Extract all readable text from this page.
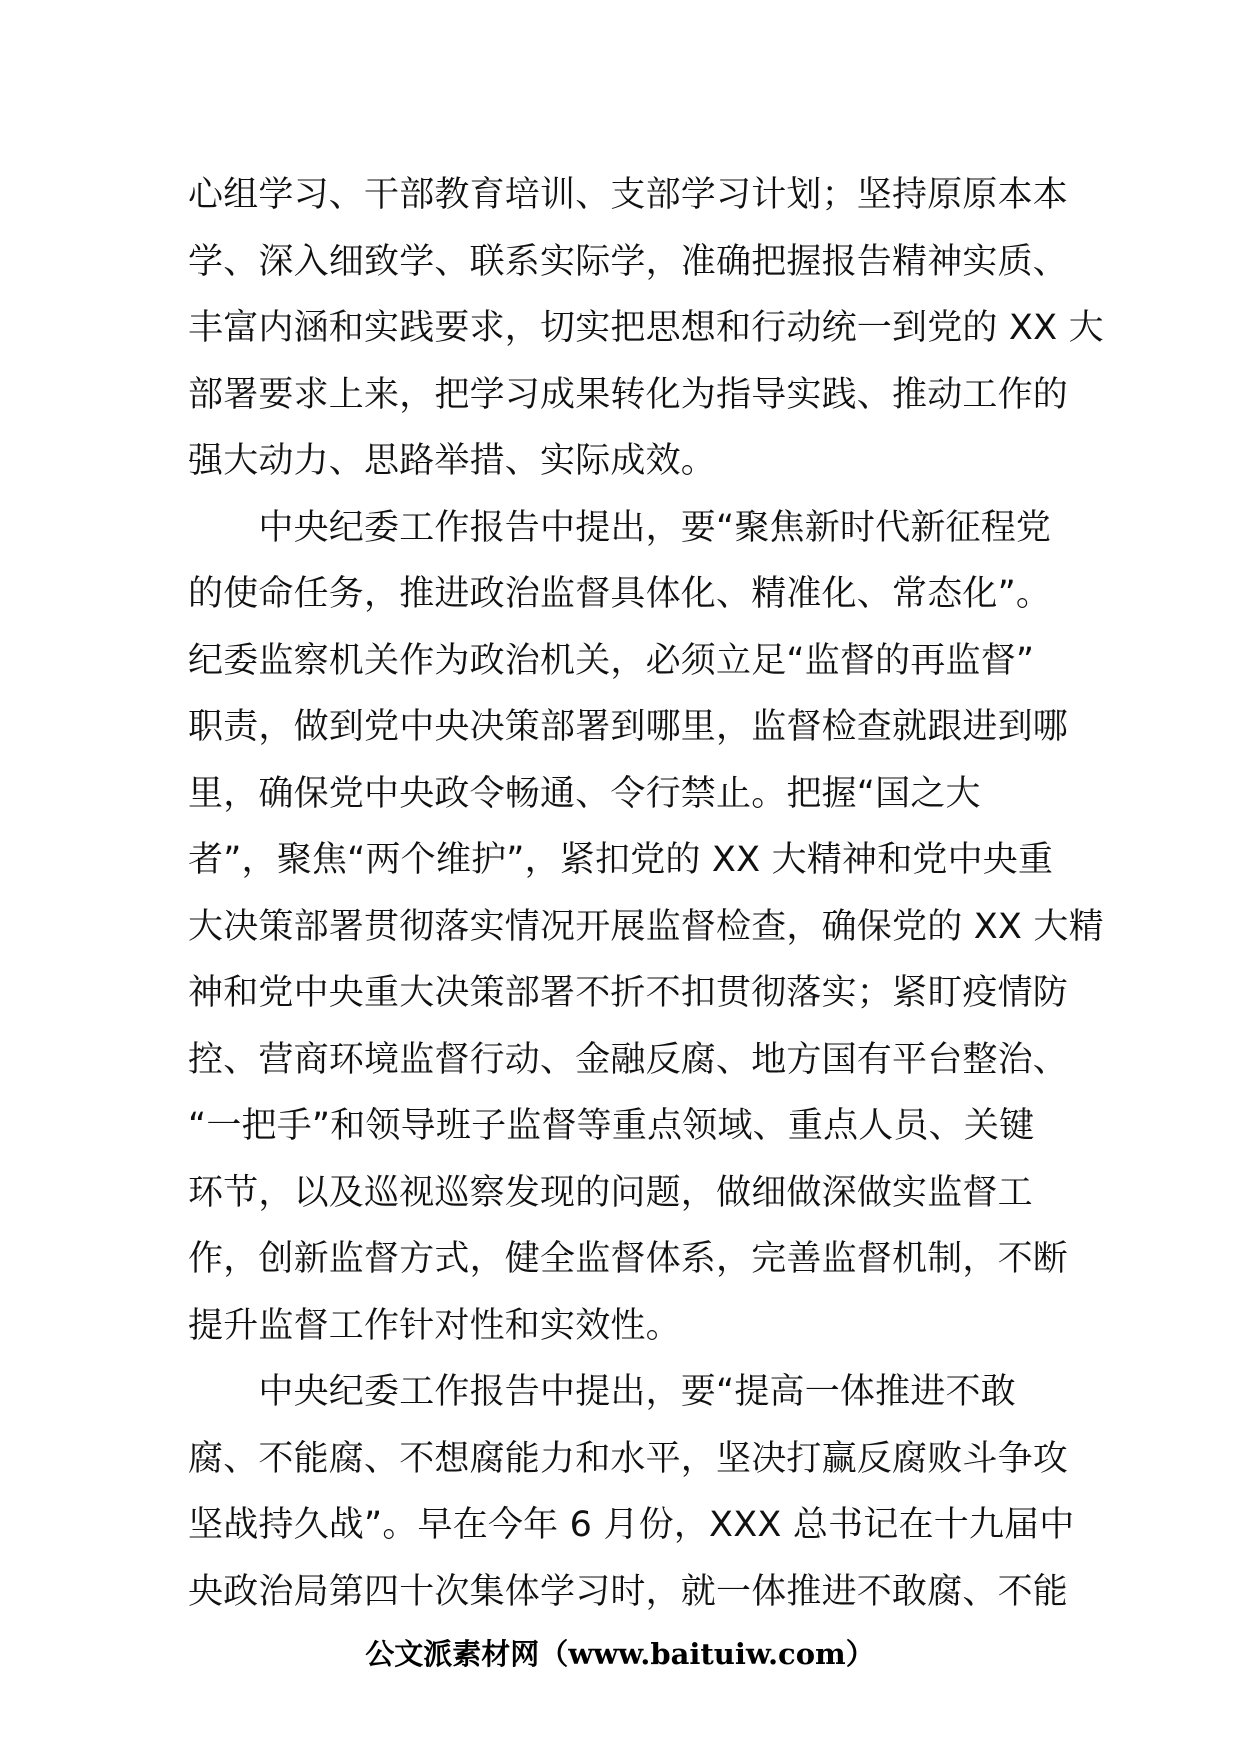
心组学习、干部教育培训、支部学习计划；坚持原原本本
学、深入细致学、联系实际学，准确把握报告精神实质、
丰富内涵和实践要求，切实把思想和行动统一到党的 XX 大
部署要求上来，把学习成果转化为指导实践、推动工作的
强大动力、思路举措、实际成效。
　　中央纪委工作报告中提出，要“聚焦新时代新征程党
的使命任务，推进政治监督具体化、精准化、常态化”。
纪委监察机关作为政治机关，必须立足“监督的再监督”
职责，做到党中央决策部署到哪里，监督检查就跟进到哪
里，确保党中央政令畅通、令行禁止。把握“国之大
者”，聚焦“两个维护”，紧扣党的 XX 大精神和党中央重
大决策部署贯彻落实情况开展监督检查，确保党的 XX 大精
神和党中央重大决策部署不折不扣贯彻落实；紧盯疫情防
控、营商环境监督行动、金融反腐、地方国有平台整治、
“一把手”和领导班子监督等重点领域、重点人员、关键
环节，以及巡视巡察发现的问题，做细做深做实监督工
作，创新监督方式，健全监督体系，完善监督机制，不断
提升监督工作针对性和实效性。
　　中央纪委工作报告中提出，要“提高一体推进不敢
腐、不能腐、不想腐能力和水平，坚决打赢反腐败斗争攻
坚战持久战”。早在今年 6 月份，XXX 总书记在十九届中
央政治局第四十次集体学习时，就一体推进不敢腐、不能
公文派素材网（www.baituiw.com）
